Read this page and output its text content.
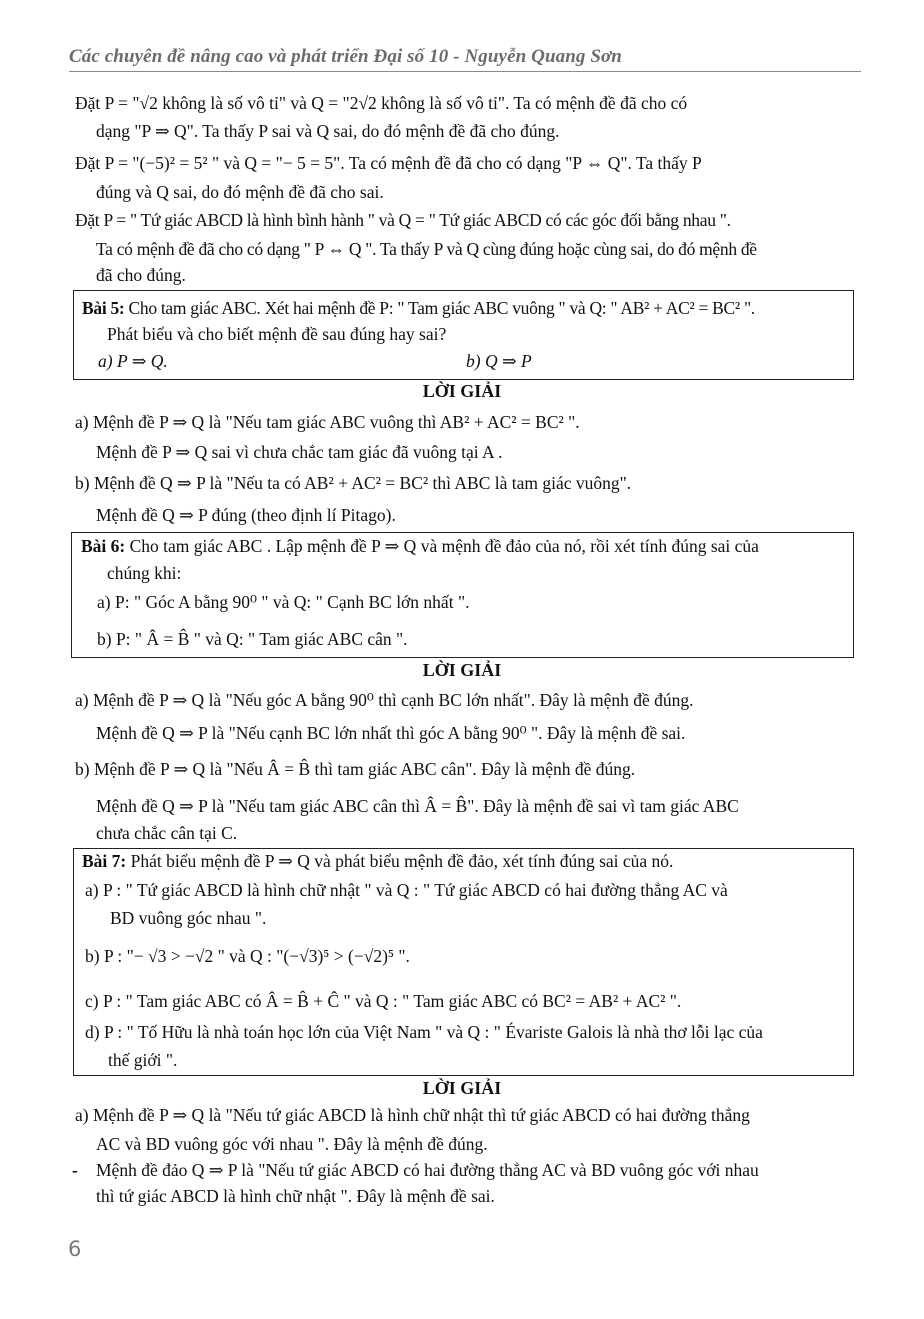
Các chuyên đề nâng cao và phát triển Đại số 10 - Nguyễn Quang Sơn
Đặt P = "√2 không là số vô tỉ" và Q = "2√2 không là số vô tỉ". Ta có mệnh đề đã cho có
dạng "P ⇒ Q". Ta thấy P sai và Q sai, do đó mệnh đề đã cho đúng.
Đặt P = "(−5)² = 5² " và Q = "− 5 = 5". Ta có mệnh đề đã cho có dạng "P ⇔ Q". Ta thấy P
đúng và Q sai, do đó mệnh đề đã cho sai.
Đặt P = " Tứ giác ABCD là hình bình hành " và Q = " Tứ giác ABCD có các góc đối bằng nhau ".
Ta có mệnh đề đã cho có dạng " P ⇔ Q ". Ta thấy P và Q cùng đúng hoặc cùng sai, do đó mệnh đề
đã cho đúng.
Bài 5: Cho tam giác ABC. Xét hai mệnh đề P: " Tam giác ABC vuông " và Q: " AB² + AC² = BC² ".
Phát biểu và cho biết mệnh đề sau đúng hay sai?
a) P ⇒ Q.	b) Q ⇒ P
LỜI GIẢI
a) Mệnh đề P ⇒ Q là "Nếu tam giác ABC vuông thì AB² + AC² = BC² ".
Mệnh đề P ⇒ Q sai vì chưa chắc tam giác đã vuông tại A .
b) Mệnh đề Q ⇒ P là "Nếu ta có AB² + AC² = BC² thì ABC là tam giác vuông".
Mệnh đề Q ⇒ P đúng (theo định lí Pitago).
Bài 6: Cho tam giác ABC . Lập mệnh đề P ⇒ Q và mệnh đề đảo của nó, rồi xét tính đúng sai của
chúng khi:
a) P: " Góc A bằng 90⁰ " và Q: " Cạnh BC lớn nhất ".
b) P: " Â = B̂ " và Q: " Tam giác ABC cân ".
LỜI GIẢI
a) Mệnh đề P ⇒ Q là "Nếu góc A bằng 90⁰ thì cạnh BC lớn nhất". Đây là mệnh đề đúng.
Mệnh đề Q ⇒ P là "Nếu cạnh BC lớn nhất thì góc A bằng 90⁰ ". Đây là mệnh đề sai.
b) Mệnh đề P ⇒ Q là "Nếu Â = B̂ thì tam giác ABC cân". Đây là mệnh đề đúng.
Mệnh đề Q ⇒ P là "Nếu tam giác ABC cân thì Â = B̂". Đây là mệnh đề sai vì tam giác ABC
chưa chắc cân tại C.
Bài 7: Phát biểu mệnh đề P ⇒ Q và phát biểu mệnh đề đảo, xét tính đúng sai của nó.
a) P : " Tứ giác ABCD là hình chữ nhật " và Q : " Tứ giác ABCD có hai đường thẳng AC và
BD vuông góc nhau ".
b) P : "− √3 > −√2 " và Q : "(−√3)⁵ > (−√2)⁵ ".
c) P : " Tam giác ABC có Â = B̂ + Ĉ " và Q : " Tam giác ABC có BC² = AB² + AC² ".
d) P : " Tố Hữu là nhà toán học lớn của Việt Nam " và Q : " Évariste Galois là nhà thơ lỗi lạc của
thế giới ".
LỜI GIẢI
a) Mệnh đề P ⇒ Q là "Nếu tứ giác ABCD là hình chữ nhật thì tứ giác ABCD có hai đường thẳng
AC và BD vuông góc với nhau ". Đây là mệnh đề đúng.
- Mệnh đề đảo Q ⇒ P là "Nếu tứ giác ABCD có hai đường thẳng AC và BD vuông góc với nhau
thì tứ giác ABCD là hình chữ nhật ". Đây là mệnh đề sai.
6
